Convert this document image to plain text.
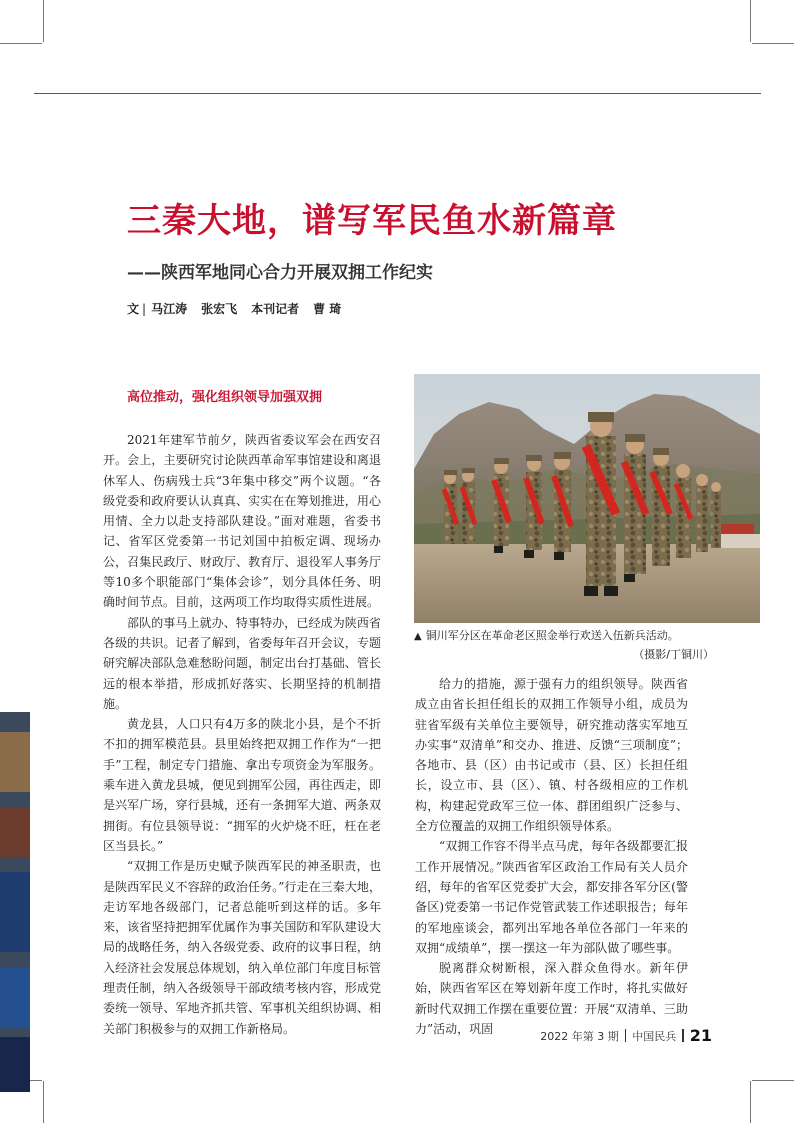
三秦大地，谱写军民鱼水新篇章
——陕西军地同心合力开展双拥工作纪实
文 | 马江涛 张宏飞 本刊记者 曹 琦
高位推动，强化组织领导加强双拥

2021年建军节前夕，陕西省委议军会在西安召开。会上，主要研究讨论陕西革命军事馆建设和离退休军人、伤病残士兵“3年集中移交”两个议题。“各级党委和政府要认认真真、实实在在筹划推进，用心用情、全力以赴支持部队建设。”面对难题，省委书记、省军区党委第一书记刘国中拍板定调、现场办公，召集民政厅、财政厅、教育厅、退役军人事务厅等10多个职能部门“集体会诊”，划分具体任务、明确时间节点。目前，这两项工作均取得实质性进展。

部队的事马上就办、特事特办，已经成为陕西省各级的共识。记者了解到，省委每年召开会议，专题研究解决部队急难愁盼问题，制定出台打基础、管长远的根本举措，形成抓好落实、长期坚持的机制措施。

黄龙县，人口只有4万多的陕北小县，是个不折不扣的拥军模范县。县里始终把双拥工作作为“一把手”工程，制定专门措施、拿出专项资金为军服务。乘车进入黄龙县城，便见到拥军公园，再往西走，即是兴军广场，穿行县城，还有一条拥军大道、两条双拥街。有位县领导说：“拥军的火炉烧不旺，枉在老区当县长。”

“双拥工作是历史赋予陕西军民的神圣职责，也是陕西军民义不容辞的政治任务。”行走在三秦大地，走访军地各级部门，记者总能听到这样的话。多年来，该省坚持把拥军优属作为事关国防和军队建设大局的战略任务，纳入各级党委、政府的议事日程，纳入经济社会发展总体规划，纳入单位部门年度目标管理责任制，纳入各级领导干部政绩考核内容，形成党委统一领导、军地齐抓共管、军事机关组织协调、相关部门积极参与的双拥工作新格局。

▲ 铜川军分区在革命老区照金举行欢送入伍新兵活动。
（摄影/丁铜川）

给力的措施，源于强有力的组织领导。陕西省成立由省长担任组长的双拥工作领导小组，成员为驻省军级有关单位主要领导，研究推动落实军地互办实事“双清单”和交办、推进、反馈“三项制度”；各地市、县（区）由书记或市（县、区）长担任组长，设立市、县（区）、镇、村各级相应的工作机构，构建起党政军三位一体、群团组织广泛参与、全方位覆盖的双拥工作组织领导体系。

“双拥工作容不得半点马虎，每年各级都要汇报工作开展情况。”陕西省军区政治工作局有关人员介绍，每年的省军区党委扩大会，都安排各军分区(警备区)党委第一书记作党管武装工作述职报告；每年的军地座谈会，都列出军地各单位各部门一年来的双拥“成绩单”，摆一摆这一年为部队做了哪些事。

脱离群众树断根，深入群众鱼得水。新年伊始，陕西省军区在筹划新年度工作时，将扎实做好新时代双拥工作摆在重要位置：开展“双清单、三助力”活动，巩固

2022 年第 3 期 中国民兵 21
